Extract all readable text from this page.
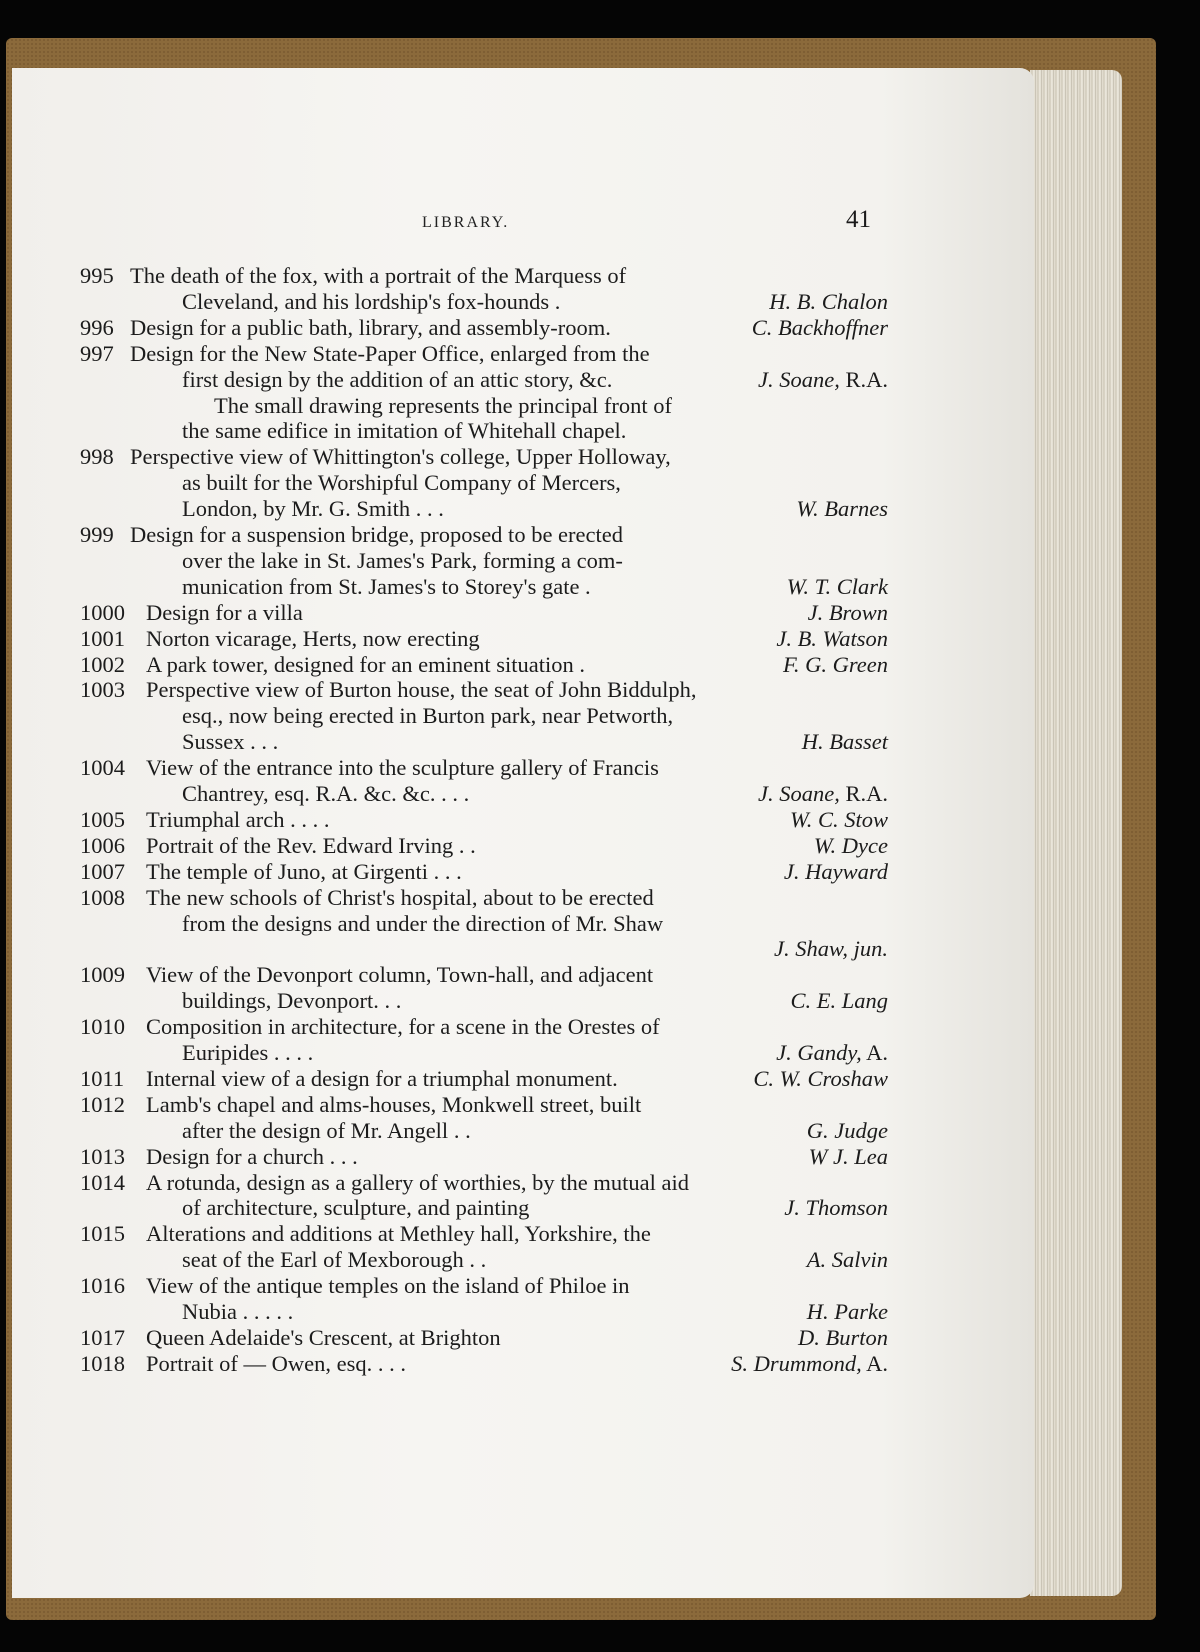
LIBRARY.	41
995 The death of the fox, with a portrait of the Marquess of
Cleveland, and his lordship's fox-hounds .	H. B. Chalon
996 Design for a public bath, library, and assembly-room.	C. Backhoffner
997 Design for the New State-Paper Office, enlarged from the
first design by the addition of an attic story, &c.	J. Soane, R.A.
The small drawing represents the principal front of
the same edifice in imitation of Whitehall chapel.
998 Perspective view of Whittington's college, Upper Holloway,
as built for the Worshipful Company of Mercers,
London, by Mr. G. Smith . . .	W. Barnes
999 Design for a suspension bridge, proposed to be erected
over the lake in St. James's Park, forming a com-
munication from St. James's to Storey's gate .	W. T. Clark
1000 Design for a villa	J. Brown
1001 Norton vicarage, Herts, now erecting	J. B. Watson
1002 A park tower, designed for an eminent situation .	F. G. Green
1003 Perspective view of Burton house, the seat of John Biddulph,
esq., now being erected in Burton park, near Petworth,
Sussex . . .	H. Basset
1004 View of the entrance into the sculpture gallery of Francis
Chantrey, esq. R.A. &c. &c. . . .	J. Soane, R.A.
1005 Triumphal arch . . . .	W. C. Stow
1006 Portrait of the Rev. Edward Irving . .	W. Dyce
1007 The temple of Juno, at Girgenti . . .	J. Hayward
1008 The new schools of Christ's hospital, about to be erected
from the designs and under the direction of Mr. Shaw
J. Shaw, jun.
1009 View of the Devonport column, Town-hall, and adjacent
buildings, Devonport. . .	C. E. Lang
1010 Composition in architecture, for a scene in the Orestes of
Euripides . . . .	J. Gandy, A.
1011 Internal view of a design for a triumphal monument.	C. W. Croshaw
1012 Lamb's chapel and alms-houses, Monkwell street, built
after the design of Mr. Angell . .	G. Judge
1013 Design for a church . . .	W J. Lea
1014 A rotunda, design as a gallery of worthies, by the mutual aid
of architecture, sculpture, and painting	J. Thomson
1015 Alterations and additions at Methley hall, Yorkshire, the
seat of the Earl of Mexborough . .	A. Salvin
1016 View of the antique temples on the island of Philoe in
Nubia . . . . .	H. Parke
1017 Queen Adelaide's Crescent, at Brighton	D. Burton
1018 Portrait of — Owen, esq. . . .	S. Drummond, A.
